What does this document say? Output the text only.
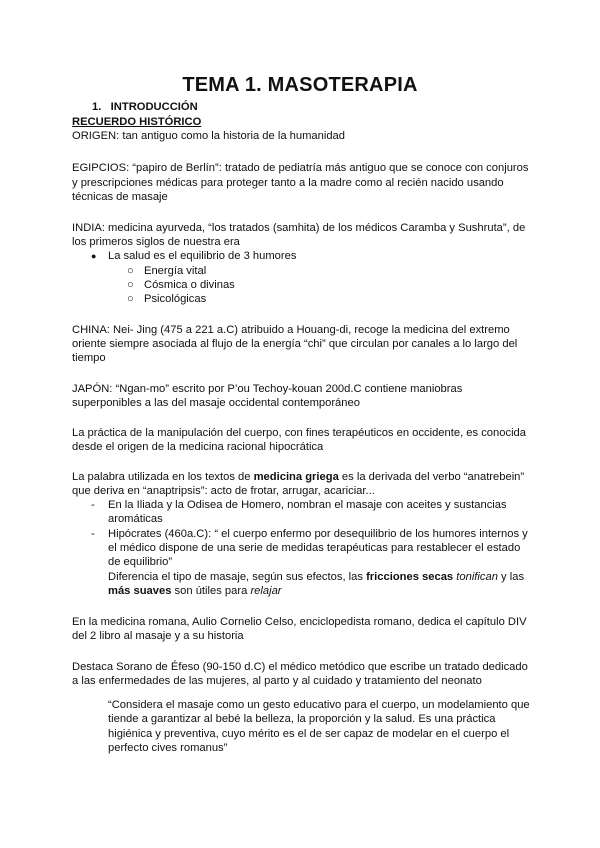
TEMA 1. MASOTERAPIA
1. INTRODUCCIÓN
RECUERDO HISTÓRICO
ORIGEN: tan antiguo como la historia de la humanidad
EGIPCIOS: “papiro de Berlín”: tratado de pediatría más antiguo que se conoce con conjuros
y prescripciones médicas para proteger tanto a la madre como al recién nacido usando
técnicas de masaje
INDIA: medicina ayurveda, “los tratados (samhita) de los médicos Caramba y Sushruta”, de
los primeros siglos de nuestra era
● La salud es el equilibrio de 3 humores
○ Energía vital
○ Cósmica o divinas
○ Psicológicas
CHINA: Nei- Jing (475 a 221 a.C) atribuido a Houang-di, recoge la medicina del extremo
oriente siempre asociada al flujo de la energía “chi” que circulan por canales a lo largo del
tiempo
JAPÓN: “Ngan-mo” escrito por P’ou Techoy-kouan 200d.C contiene maniobras
superponibles a las del masaje occidental contemporáneo
La práctica de la manipulación del cuerpo, con fines terapéuticos en occidente, es conocida
desde el origen de la medicina racional hipocrática
La palabra utilizada en los textos de medicina griega es la derivada del verbo “anatrebein”
que deriva en “anaptripsis”: acto de frotar, arrugar, acariciar...
- En la Iliada y la Odisea de Homero, nombran el masaje con aceites y sustancias
aromáticas
- Hipócrates (460a.C): “ el cuerpo enfermo por desequilibrio de los humores internos y
el médico dispone de una serie de medidas terapéuticas para restablecer el estado
de equilibrio”
Diferencia el tipo de masaje, según sus efectos, las fricciones secas tonifican y las
más suaves son útiles para relajar
En la medicina romana, Aulio Cornelio Celso, enciclopedista romano, dedica el capítulo DIV
del 2 libro al masaje y a su historia
Destaca Sorano de Éfeso (90-150 d.C) el médico metódico que escribe un tratado dedicado
a las enfermedades de las mujeres, al parto y al cuidado y tratamiento del neonato
“Considera el masaje como un gesto educativo para el cuerpo, un modelamiento que
tiende a garantizar al bebé la belleza, la proporción y la salud. Es una práctica
higiénica y preventiva, cuyo mérito es el de ser capaz de modelar en el cuerpo el
perfecto cives romanus”
